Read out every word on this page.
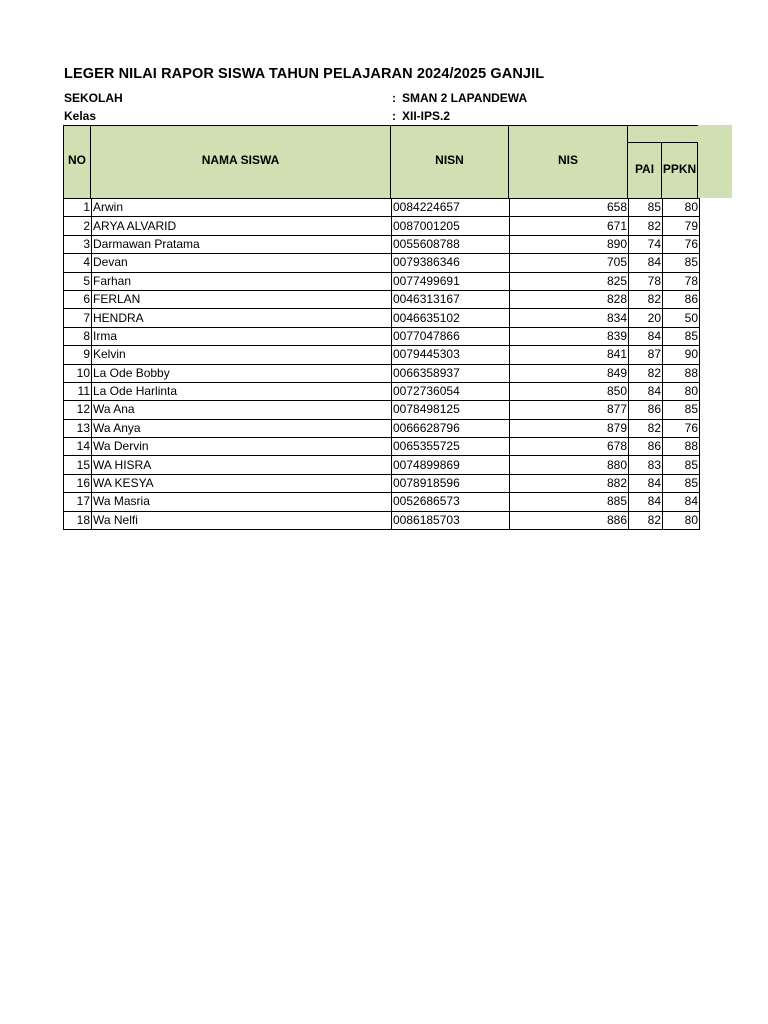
LEGER NILAI RAPOR SISWA TAHUN PELAJARAN 2024/2025 GANJIL
SEKOLAH	: SMAN 2 LAPANDEWA
Kelas	: XII-IPS.2
NO	NAMA SISWA	NISN	NIS
PAI PPKN
1	Arwin	0084224657	658	85	80
2	ARYA ALVARID	0087001205	671	82	79
3	Darmawan Pratama	0055608788	890	74	76
4	Devan	0079386346	705	84	85
5	Farhan	0077499691	825	78	78
6	FERLAN	0046313167	828	82	86
7	HENDRA	0046635102	834	20	50
8	Irma	0077047866	839	84	85
9	Kelvin	0079445303	841	87	90
10	La Ode Bobby	0066358937	849	82	88
11	La Ode Harlinta	0072736054	850	84	80
12	Wa Ana	0078498125	877	86	85
13	Wa Anya	0066628796	879	82	76
14	Wa Dervin	0065355725	678	86	88
15	WA HISRA	0074899869	880	83	85
16	WA KESYA	0078918596	882	84	85
17	Wa Masria	0052686573	885	84	84
18	Wa Nelfi	0086185703	886	82	80
